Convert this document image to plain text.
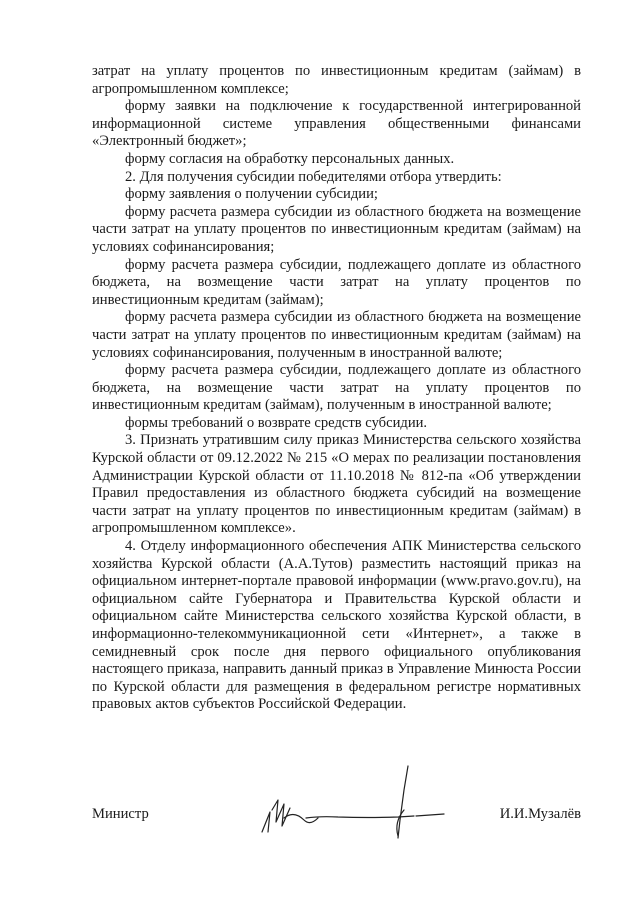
затрат на уплату процентов по инвестиционным кредитам (займам) в агропромышленном комплексе;

форму заявки на подключение к государственной интегрированной информационной системе управления общественными финансами «Электронный бюджет»;

форму согласия на обработку персональных данных.

2. Для получения субсидии победителями отбора утвердить:

форму заявления о получении субсидии;

форму расчета размера субсидии из областного бюджета на возмещение части затрат на уплату процентов по инвестиционным кредитам (займам) на условиях софинансирования;

форму расчета размера субсидии, подлежащего доплате из областного бюджета, на возмещение части затрат на уплату процентов по инвестиционным кредитам (займам);

форму расчета размера субсидии из областного бюджета на возмещение части затрат на уплату процентов по инвестиционным кредитам (займам) на условиях софинансирования, полученным в иностранной валюте;

форму расчета размера субсидии, подлежащего доплате из областного бюджета, на возмещение части затрат на уплату процентов по инвестиционным кредитам (займам), полученным в иностранной валюте;

формы требований о возврате средств субсидии.

3. Признать утратившим силу приказ Министерства сельского хозяйства Курской области от 09.12.2022 № 215 «О мерах по реализации постановления Администрации Курской области от 11.10.2018 № 812-па «Об утверждении Правил предоставления из областного бюджета субсидий на возмещение части затрат на уплату процентов по инвестиционным кредитам (займам) в агропромышленном комплексе».

4. Отделу информационного обеспечения АПК Министерства сельского хозяйства Курской области (А.А.Тутов) разместить настоящий приказ на официальном интернет-портале правовой информации (www.pravo.gov.ru), на официальном сайте Губернатора и Правительства Курской области и официальном сайте Министерства сельского хозяйства Курской области, в информационно-телекоммуникационной сети «Интернет», а также в семидневный срок после дня первого официального опубликования настоящего приказа, направить данный приказ в Управление Минюста России по Курской области для размещения в федеральном регистре нормативных правовых актов субъектов Российской Федерации.

Министр	И.И.Музалёв
